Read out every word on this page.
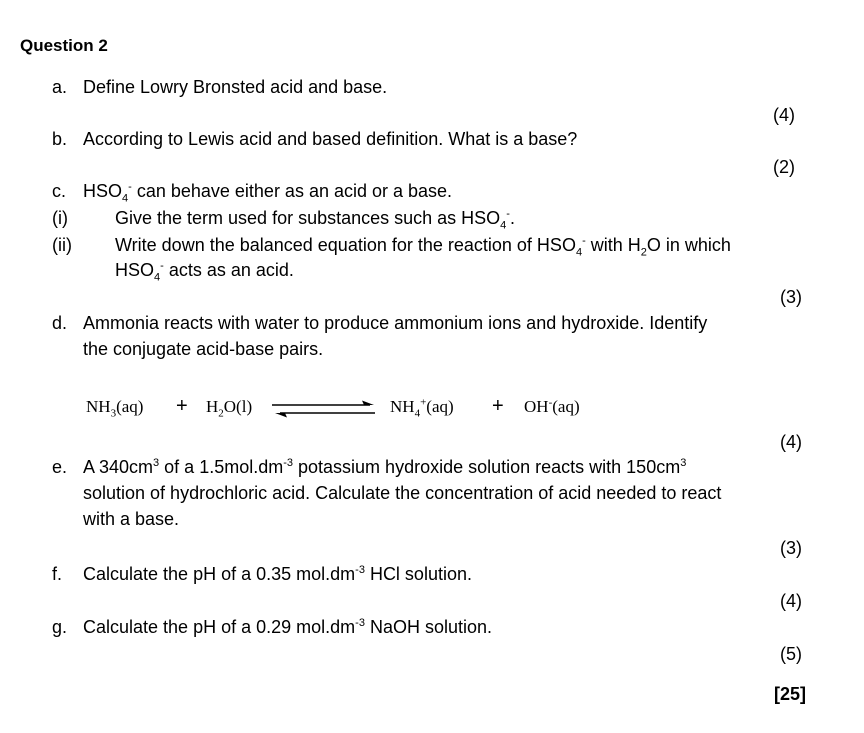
Question 2
a. Define Lowry Bronsted acid and base.
(4)
b. According to Lewis acid and based definition. What is a base?
(2)
c. $HSO_4^-$ can behave either as an acid or a base.
(i)	Give the term used for substances such as $HSO_4^-$.
(ii) Write down the balanced equation for the reaction of $HSO_4^-$ with $H_2O$ in which
$HSO_4^-$ acts as an acid.
(3)
d. Ammonia reacts with water to produce ammonium ions and hydroxide. Identify
the conjugate acid-base pairs.
$NH_3(aq) + H_2O(l)$	$NH_4^+(aq) + OH^-(aq)$
(4)
e. A $340cm^3$ of a $1.5mol.dm^{-3}$ potassium hydroxide solution reacts with $150cm^3$
solution of hydrochloric acid. Calculate the concentration of acid needed to react
with a base.
(3)
f. Calculate the pH of a 0.35 $mol.dm^{-3}$ HCl solution.
(4)
g. Calculate the pH of a 0.29 $mol.dm^{-3}$ NaOH solution.
(5)
[25]
